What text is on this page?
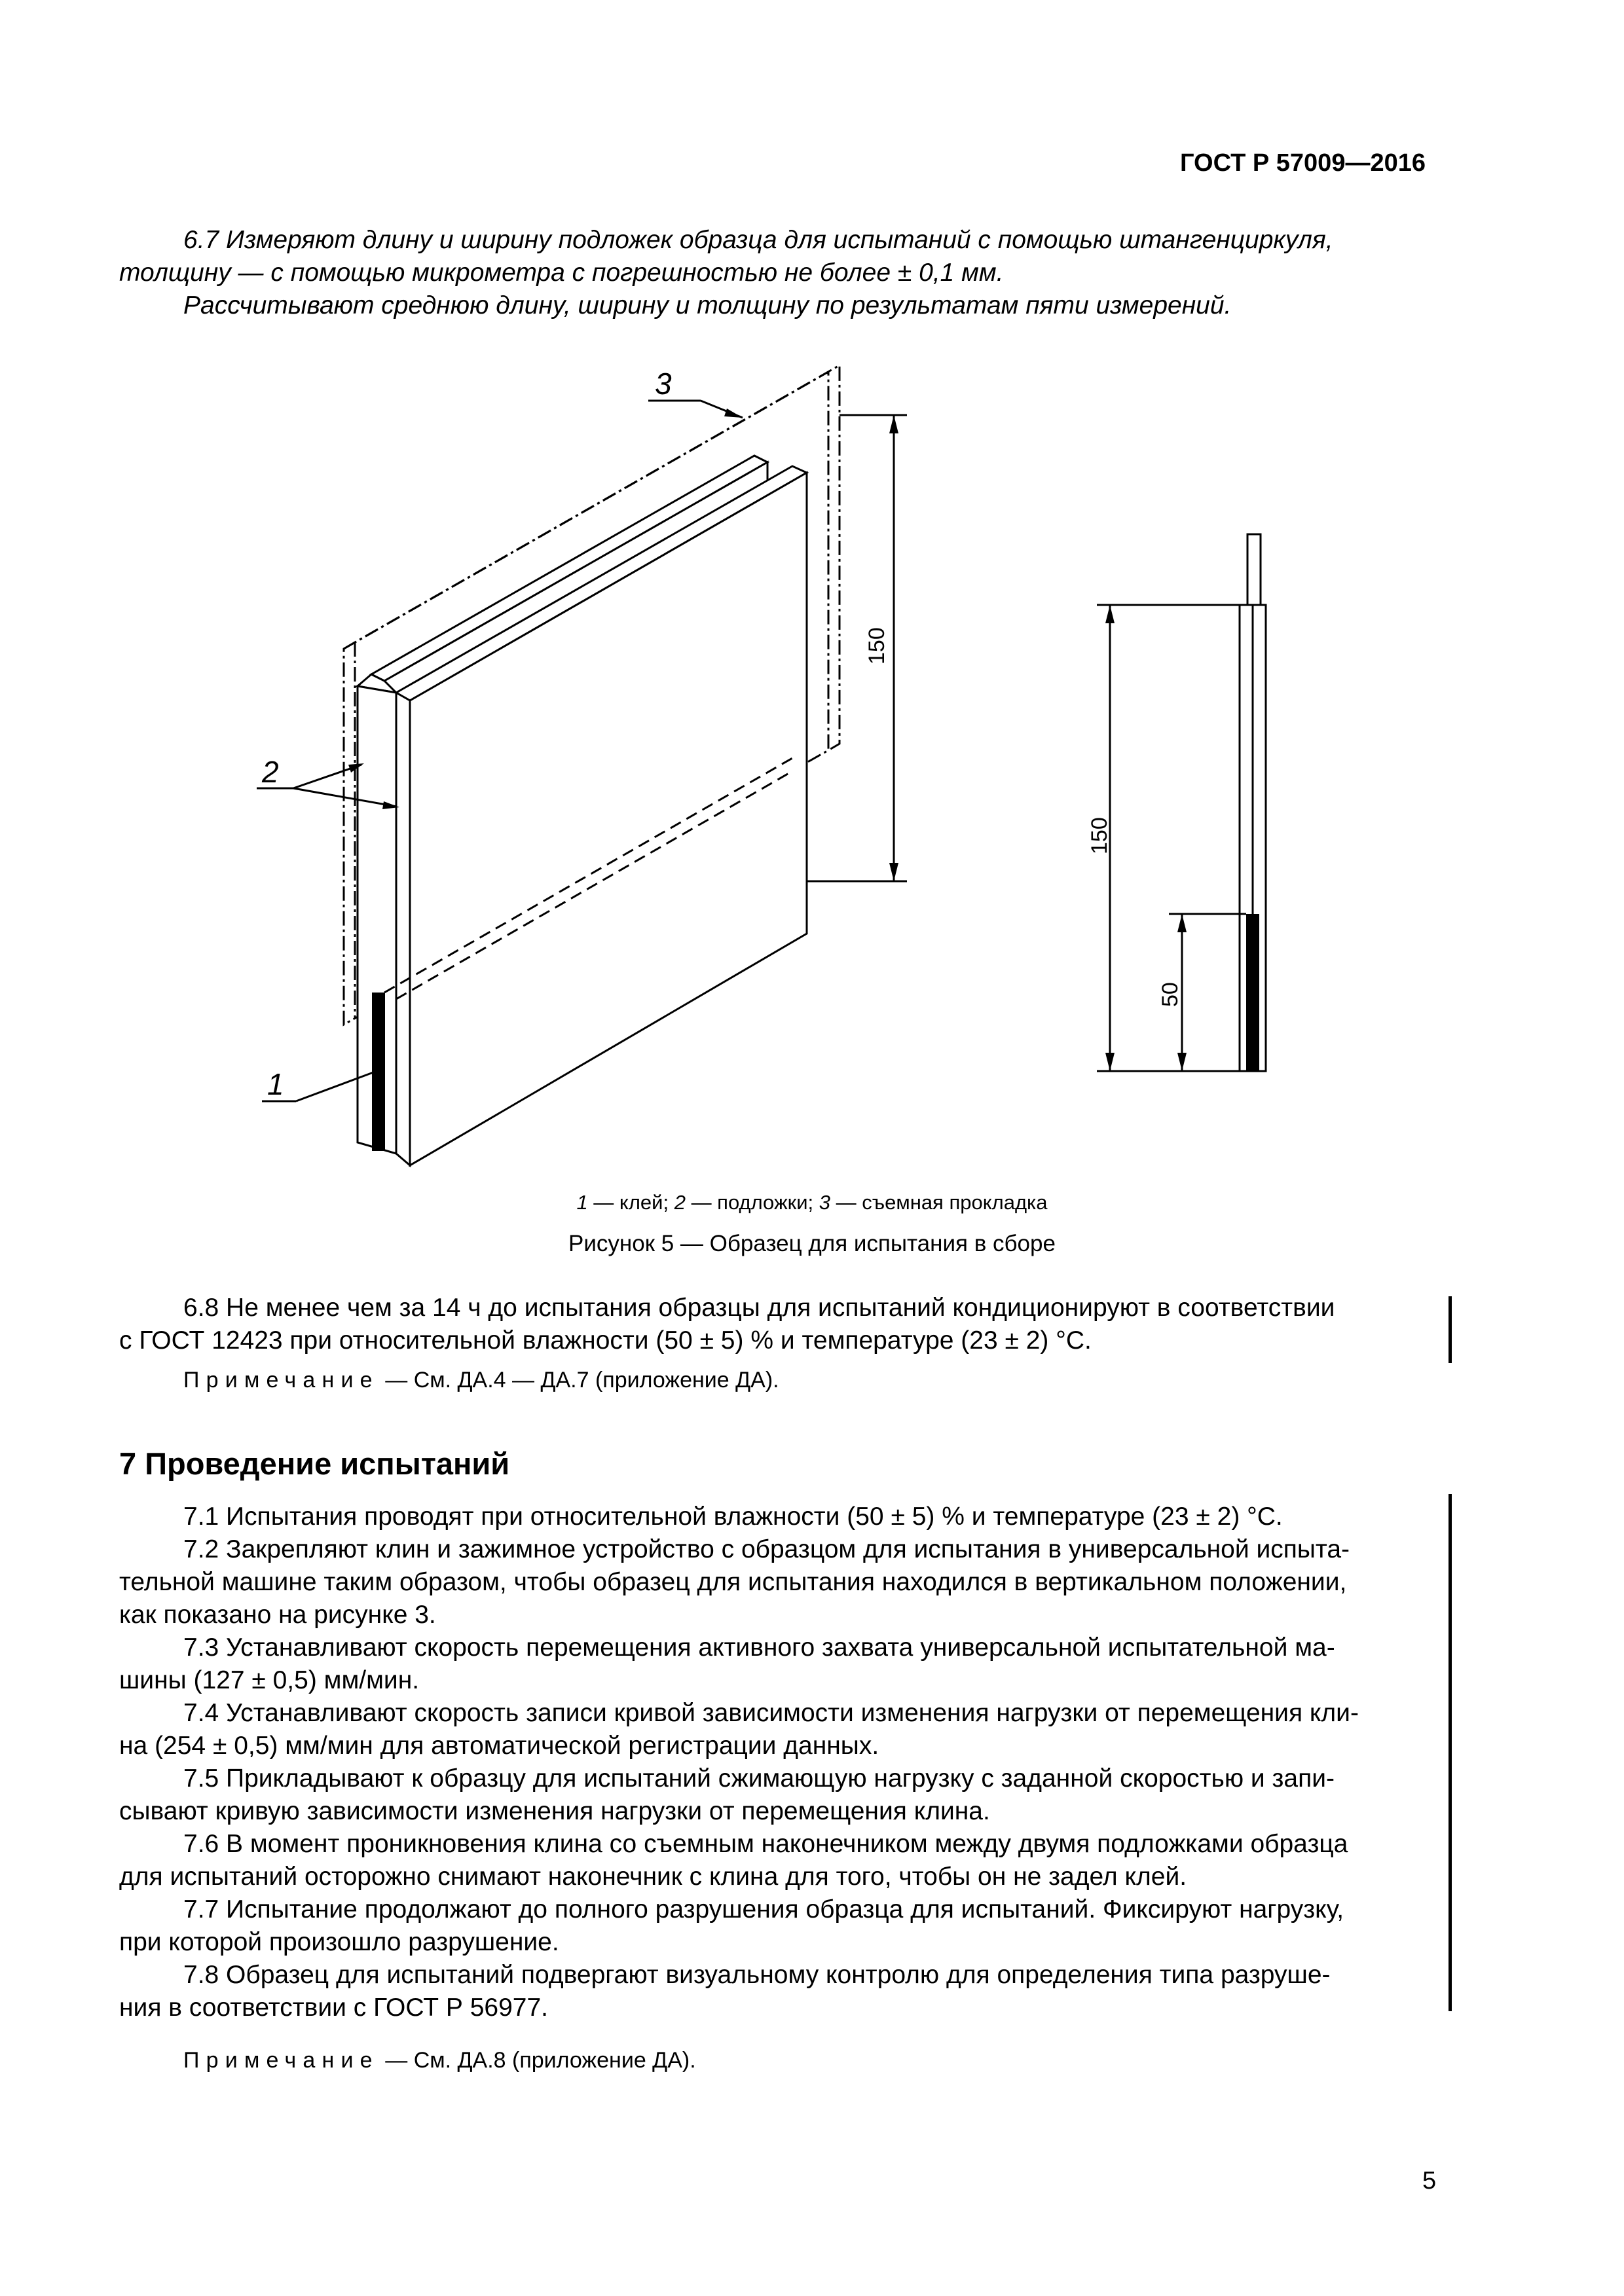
ГОСТ Р 57009—2016

6.7 Измеряют длину и ширину подложек образца для испытаний с помощью штангенциркуля,

толщину — с помощью микрометра с погрешностью не более ± 0,1 мм.

Рассчитывают среднюю длину, ширину и толщину по результатам пяти измерений.

3
2
1
150
150
50
1 — клей; 2 — подложки; 3 — съемная прокладка
Рисунок 5 — Образец для испытания в сборе

6.8 Не менее чем за 14 ч до испытания образцы для испытаний кондиционируют в соответствии

с ГОСТ 12423 при относительной влажности (50 ± 5) % и температуре (23 ± 2) °С.

Примечание — См. ДА.4 — ДА.7 (приложение ДА).

7 Проведение испытаний

7.1 Испытания проводят при относительной влажности (50 ± 5) % и температуре (23 ± 2) °С.

7.2 Закрепляют клин и зажимное устройство с образцом для испытания в универсальной испыта-

тельной машине таким образом, чтобы образец для испытания находился в вертикальном положении,

как показано на рисунке 3.

7.3 Устанавливают скорость перемещения активного захвата универсальной испытательной ма-

шины (127 ± 0,5) мм/мин.

7.4 Устанавливают скорость записи кривой зависимости изменения нагрузки от перемещения кли-

на (254 ± 0,5) мм/мин для автоматической регистрации данных.

7.5 Прикладывают к образцу для испытаний сжимающую нагрузку с заданной скоростью и запи-

сывают кривую зависимости изменения нагрузки от перемещения клина.

7.6 В момент проникновения клина со съемным наконечником между двумя подложками образца

для испытаний осторожно снимают наконечник с клина для того, чтобы он не задел клей.

7.7 Испытание продолжают до полного разрушения образца для испытаний. Фиксируют нагрузку,

при которой произошло разрушение.

7.8 Образец для испытаний подвергают визуальному контролю для определения типа разруше-

ния в соответствии с ГОСТ Р 56977.

Примечание — См. ДА.8 (приложение ДА).

5
